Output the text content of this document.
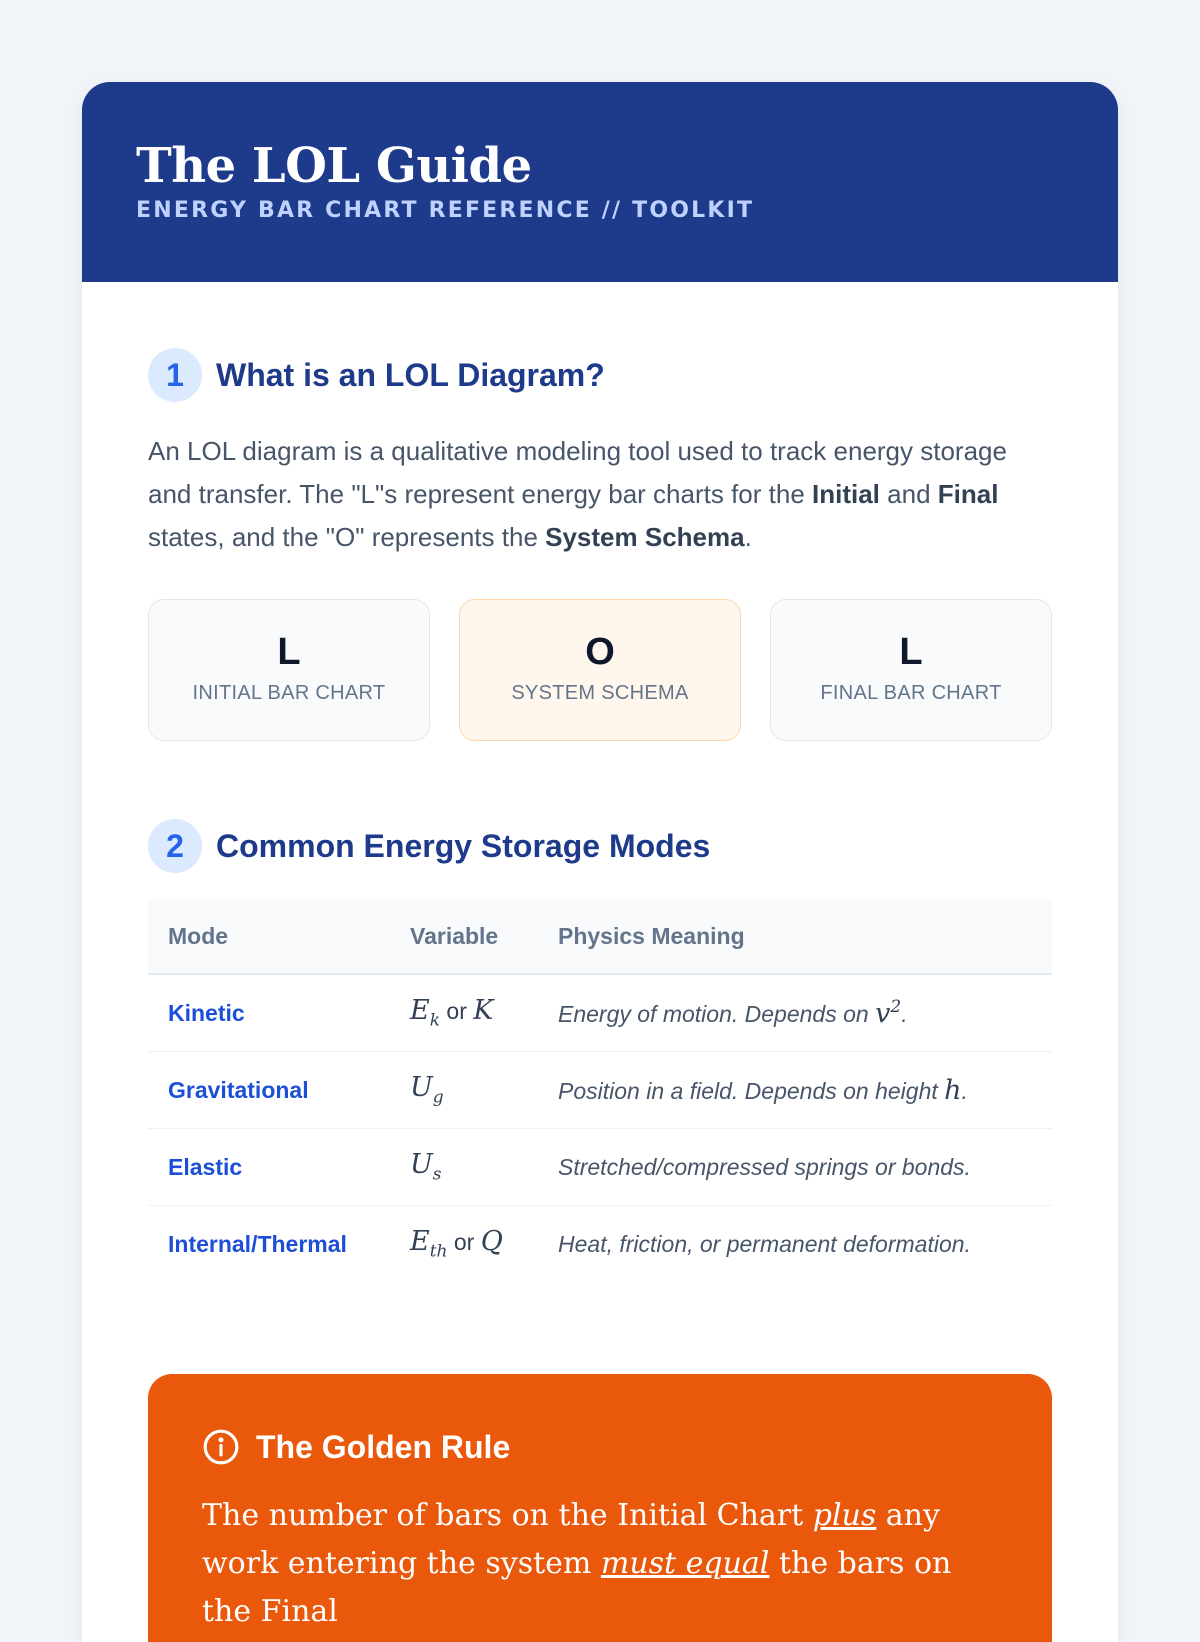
The LOL Guide
ENERGY BAR CHART REFERENCE // TOOLKIT
1	What is an LOL Diagram?
An LOL diagram is a qualitative modeling tool used to track energy storage and transfer. The "L"s represent energy bar charts for the Initial and Final states, and the "O" represents the System Schema.
L
INITIAL BAR CHART
O
SYSTEM SCHEMA
L
FINAL BAR CHART
2	Common Energy Storage Modes
Mode	Variable	Physics Meaning
Kinetic	$E_k$ or K	Energy of motion. Depends on $v^2$.
Gravitational	$U_g$	Position in a field. Depends on height h.
Elastic	$U_s$	Stretched/compressed springs or bonds.
Internal/Thermal	$E_{th}$ or Q	Heat, friction, or permanent deformation.
The Golden Rule
The number of bars on the Initial Chart plus any work entering the system must equal the bars on the Final
